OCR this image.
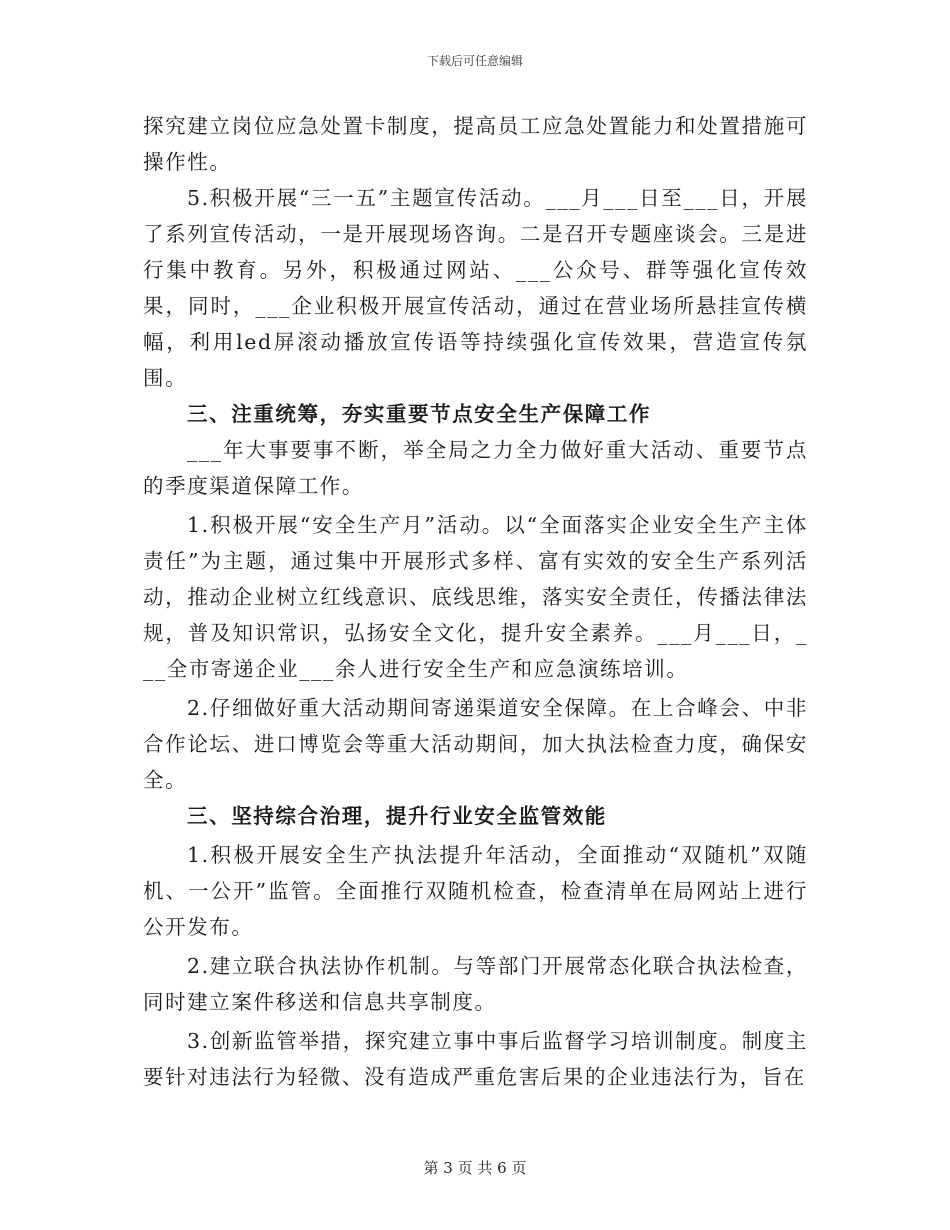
下载后可任意编辑

探究建立岗位应急处置卡制度，提高员工应急处置能力和处置措施可操作性。

5.积极开展“三一五”主题宣传活动。___月___日至___日，开展了系列宣传活动，一是开展现场咨询。二是召开专题座谈会。三是进行集中教育。另外，积极通过网站、___公众号、群等强化宣传效果，同时，___企业积极开展宣传活动，通过在营业场所悬挂宣传横幅，利用led屏滚动播放宣传语等持续强化宣传效果，营造宣传氛围。

三、注重统筹，夯实重要节点安全生产保障工作

___年大事要事不断，举全局之力全力做好重大活动、重要节点的季度渠道保障工作。

1.积极开展“安全生产月”活动。以“全面落实企业安全生产主体责任”为主题，通过集中开展形式多样、富有实效的安全生产系列活动，推动企业树立红线意识、底线思维，落实安全责任，传播法律法规，普及知识常识，弘扬安全文化，提升安全素养。___月___日，___全市寄递企业___余人进行安全生产和应急演练培训。

2.仔细做好重大活动期间寄递渠道安全保障。在上合峰会、中非合作论坛、进口博览会等重大活动期间，加大执法检查力度，确保安全。

三、坚持综合治理，提升行业安全监管效能

1.积极开展安全生产执法提升年活动，全面推动“双随机”双随机、一公开”监管。全面推行双随机检查，检查清单在局网站上进行公开发布。

2.建立联合执法协作机制。与等部门开展常态化联合执法检查，同时建立案件移送和信息共享制度。

3.创新监管举措，探究建立事中事后监督学习培训制度。制度主要针对违法行为轻微、没有造成严重危害后果的企业违法行为，旨在

第 3 页 共 6 页
